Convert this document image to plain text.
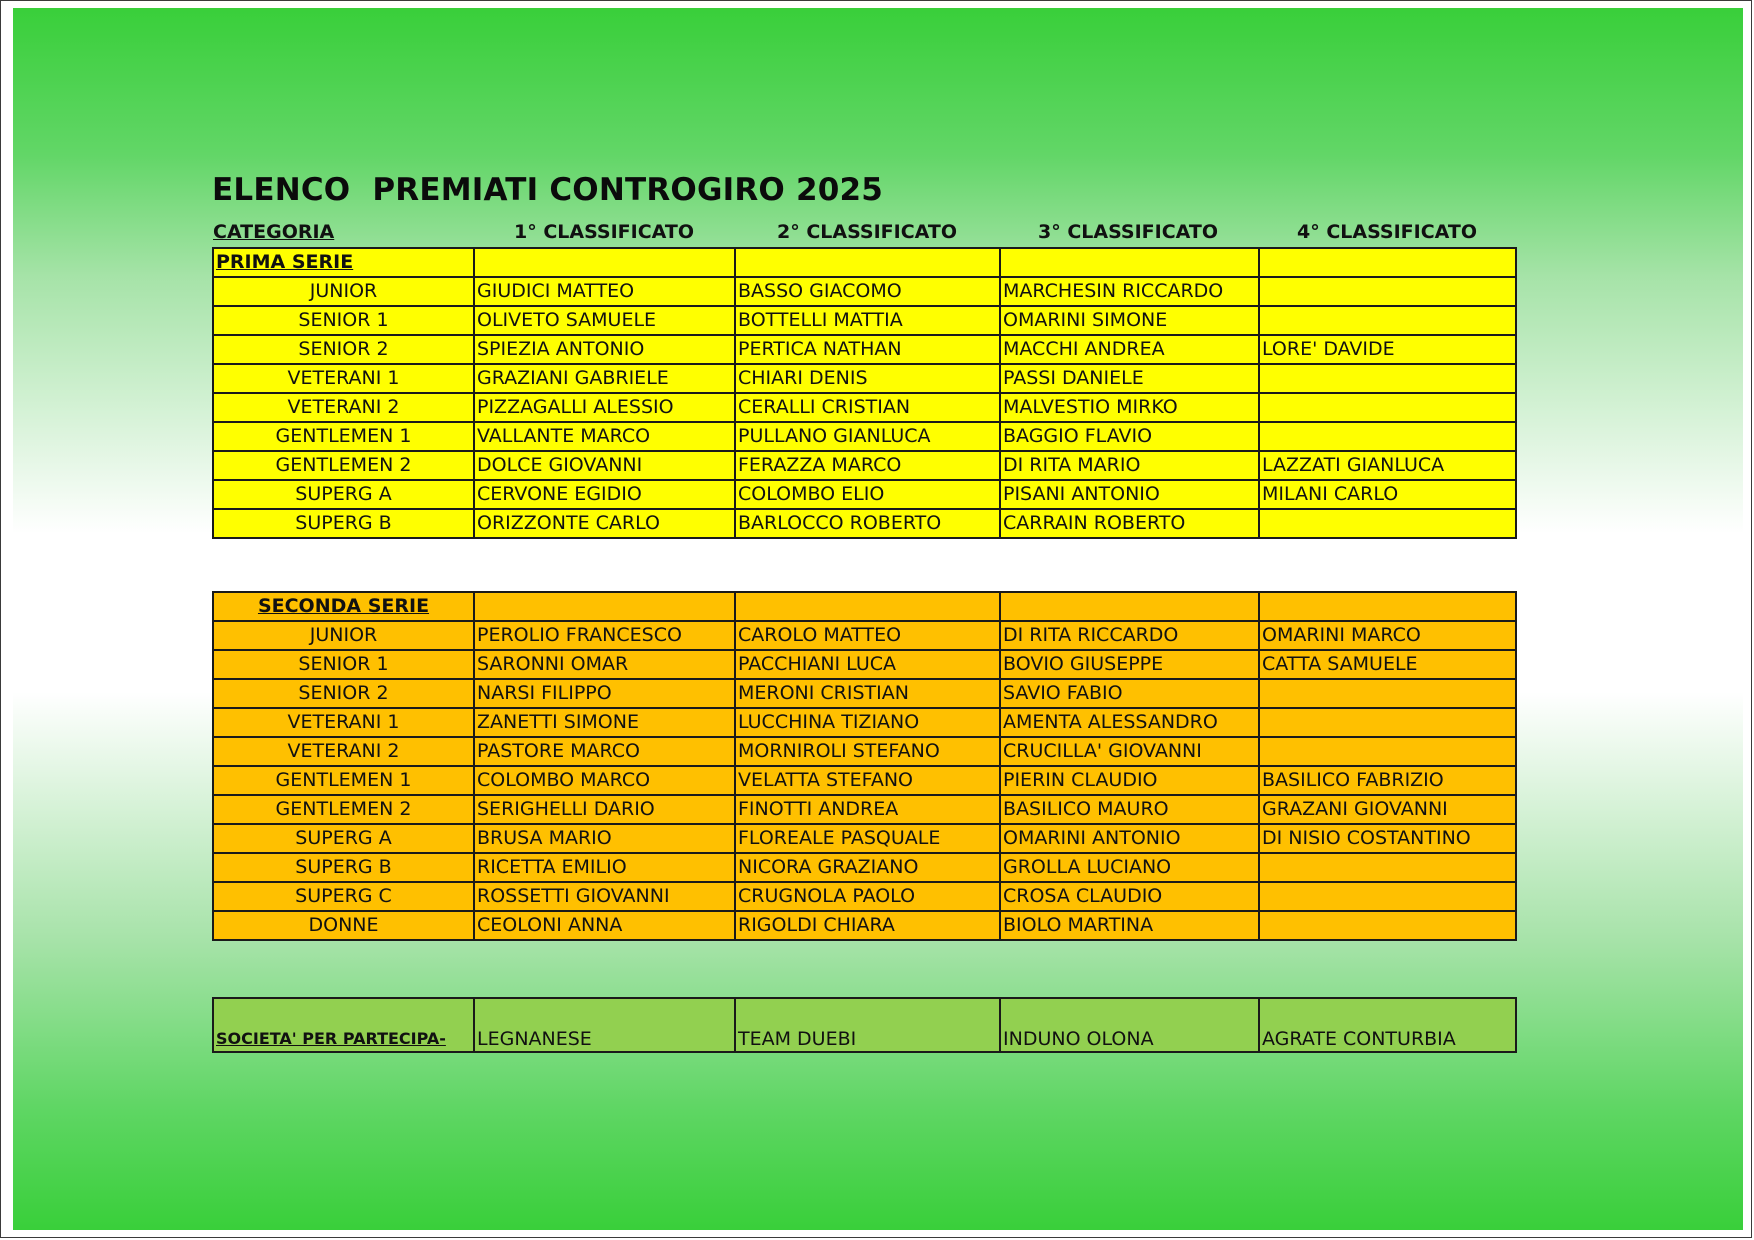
ELENCO  PREMIATI CONTROGIRO 2025
CATEGORIA	1° CLASSIFICATO	2° CLASSIFICATO	3° CLASSIFICATO	4° CLASSIFICATO
PRIMA SERIE				
JUNIOR	GIUDICI MATTEO	BASSO GIACOMO	MARCHESIN RICCARDO	
SENIOR 1	OLIVETO SAMUELE	BOTTELLI MATTIA	OMARINI SIMONE	
SENIOR 2	SPIEZIA ANTONIO	PERTICA NATHAN	MACCHI ANDREA	LORE' DAVIDE
VETERANI 1	GRAZIANI GABRIELE	CHIARI DENIS	PASSI DANIELE	
VETERANI 2	PIZZAGALLI ALESSIO	CERALLI CRISTIAN	MALVESTIO MIRKO	
GENTLEMEN 1	VALLANTE MARCO	PULLANO GIANLUCA	BAGGIO FLAVIO	
GENTLEMEN 2	DOLCE GIOVANNI	FERAZZA MARCO	DI RITA MARIO	LAZZATI GIANLUCA
SUPERG A	CERVONE EGIDIO	COLOMBO ELIO	PISANI ANTONIO	MILANI CARLO
SUPERG B	ORIZZONTE CARLO	BARLOCCO ROBERTO	CARRAIN ROBERTO	
SECONDA SERIE				
JUNIOR	PEROLIO FRANCESCO	CAROLO MATTEO	DI RITA RICCARDO	OMARINI MARCO
SENIOR 1	SARONNI OMAR	PACCHIANI LUCA	BOVIO GIUSEPPE	CATTA SAMUELE
SENIOR 2	NARSI FILIPPO	MERONI CRISTIAN	SAVIO FABIO	
VETERANI 1	ZANETTI SIMONE	LUCCHINA TIZIANO	AMENTA ALESSANDRO	
VETERANI 2	PASTORE MARCO	MORNIROLI STEFANO	CRUCILLA' GIOVANNI	
GENTLEMEN 1	COLOMBO MARCO	VELATTA STEFANO	PIERIN CLAUDIO	BASILICO FABRIZIO
GENTLEMEN 2	SERIGHELLI DARIO	FINOTTI ANDREA	BASILICO MAURO	GRAZANI GIOVANNI
SUPERG A	BRUSA MARIO	FLOREALE PASQUALE	OMARINI ANTONIO	DI NISIO COSTANTINO
SUPERG B	RICETTA EMILIO	NICORA GRAZIANO	GROLLA LUCIANO	
SUPERG C	ROSSETTI GIOVANNI	CRUGNOLA PAOLO	CROSA CLAUDIO	
DONNE	CEOLONI ANNA	RIGOLDI CHIARA	BIOLO MARTINA	
SOCIETA' PER PARTECIPA-	LEGNANESE	TEAM DUEBI	INDUNO OLONA	AGRATE CONTURBIA
